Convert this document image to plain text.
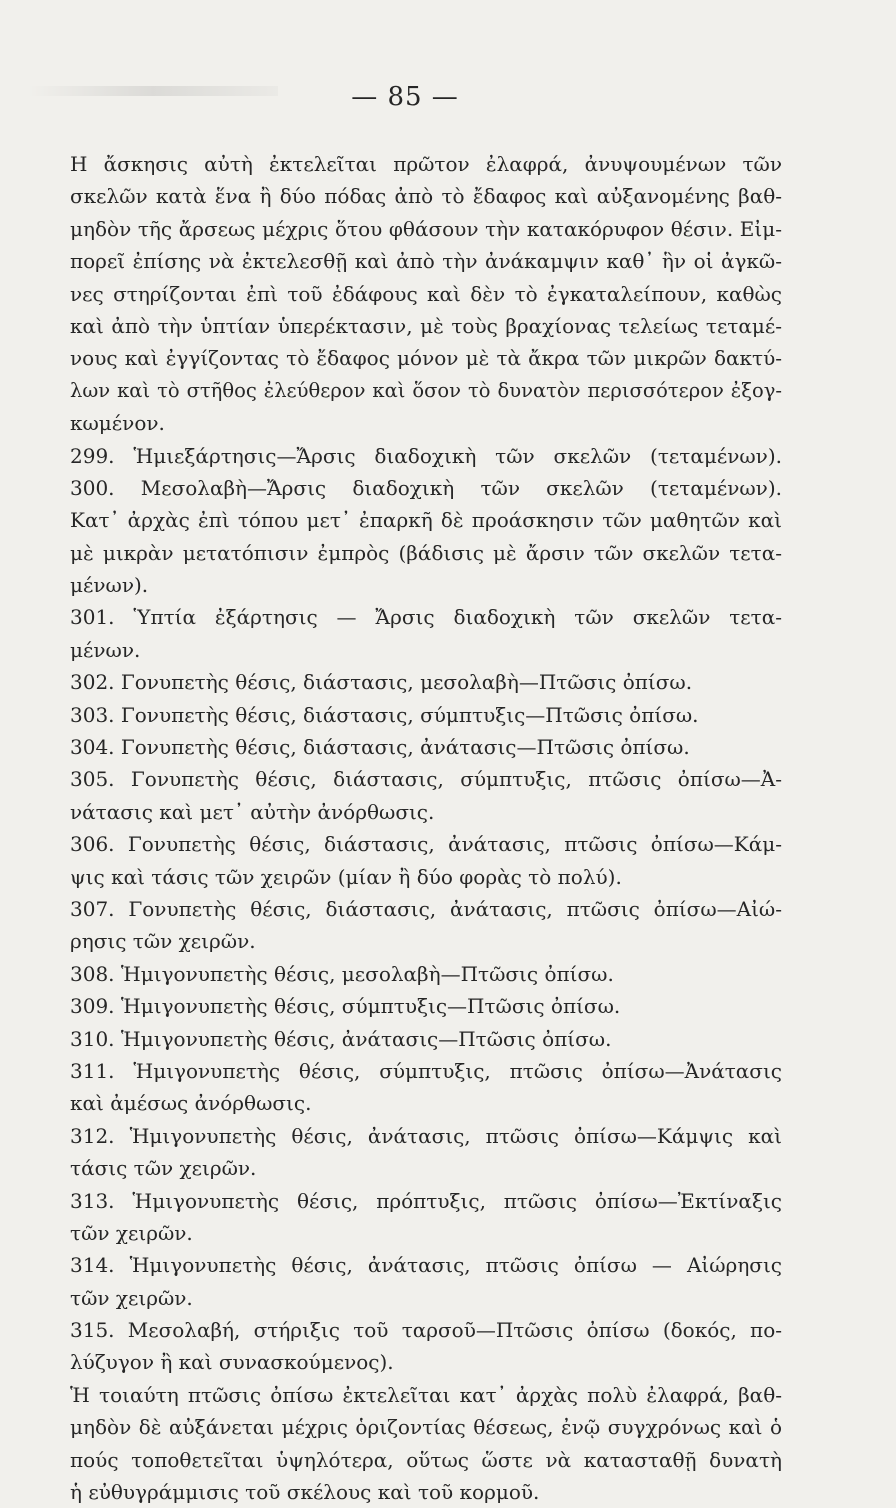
— 85 —
Η ἄσκησις αὐτὴ ἐκτελεῖται πρῶτον ἐλαφρά, ἀνυψουμένων τῶν
σκελῶν κατὰ ἕνα ἢ δύο πόδας ἀπὸ τὸ ἔδαφος καὶ αὐξανομένης βαθ-
μηδὸν τῆς ἄρσεως μέχρις ὅτου φθάσουν τὴν κατακόρυφον θέσιν. Εἰμ-
πορεῖ ἐπίσης νὰ ἐκτελεσθῇ καὶ ἀπὸ τὴν ἀνάκαμψιν καθ᾽ ἣν οἱ ἀγκῶ-
νες στηρίζονται ἐπὶ τοῦ ἐδάφους καὶ δὲν τὸ ἐγκαταλείπουν, καθὼς
καὶ ἀπὸ τὴν ὑπτίαν ὑπερέκτασιν, μὲ τοὺς βραχίονας τελείως τεταμέ-
νους καὶ ἐγγίζοντας τὸ ἔδαφος μόνον μὲ τὰ ἄκρα τῶν μικρῶν δακτύ-
λων καὶ τὸ στῆθος ἐλεύθερον καὶ ὅσον τὸ δυνατὸν περισσότερον ἐξογ-
κωμένον.
299. Ἡμιεξάρτησις—Ἄρσις διαδοχικὴ τῶν σκελῶν (τεταμένων).
300. Μεσολαβὴ—Ἄρσις διαδοχικὴ τῶν σκελῶν (τεταμένων).
Κατ᾽ ἀρχὰς ἐπὶ τόπου μετ᾽ ἐπαρκῆ δὲ προάσκησιν τῶν μαθητῶν καὶ
μὲ μικρὰν μετατόπισιν ἐμπρὸς (βάδισις μὲ ἄρσιν τῶν σκελῶν τετα-
μένων).
301. Ὑπτία ἐξάρτησις — Ἄρσις διαδοχικὴ τῶν σκελῶν τετα-
μένων.
302. Γονυπετὴς θέσις, διάστασις, μεσολαβὴ—Πτῶσις ὀπίσω.
303. Γονυπετὴς θέσις, διάστασις, σύμπτυξις—Πτῶσις ὀπίσω.
304. Γονυπετὴς θέσις, διάστασις, ἀνάτασις—Πτῶσις ὀπίσω.
305. Γονυπετὴς θέσις, διάστασις, σύμπτυξις, πτῶσις ὀπίσω—Ἀ-
νάτασις καὶ μετ᾽ αὐτὴν ἀνόρθωσις.
306. Γονυπετὴς θέσις, διάστασις, ἀνάτασις, πτῶσις ὀπίσω—Κάμ-
ψις καὶ τάσις τῶν χειρῶν (μίαν ἢ δύο φορὰς τὸ πολύ).
307. Γονυπετὴς θέσις, διάστασις, ἀνάτασις, πτῶσις ὀπίσω—Αἰώ-
ρησις τῶν χειρῶν.
308. Ἡμιγονυπετὴς θέσις, μεσολαβὴ—Πτῶσις ὀπίσω.
309. Ἡμιγονυπετὴς θέσις, σύμπτυξις—Πτῶσις ὀπίσω.
310. Ἡμιγονυπετὴς θέσις, ἀνάτασις—Πτῶσις ὀπίσω.
311. Ἡμιγονυπετὴς θέσις, σύμπτυξις, πτῶσις ὀπίσω—Ἀνάτασις
καὶ ἀμέσως ἀνόρθωσις.
312. Ἡμιγονυπετὴς θέσις, ἀνάτασις, πτῶσις ὀπίσω—Κάμψις καὶ
τάσις τῶν χειρῶν.
313. Ἡμιγονυπετὴς θέσις, πρόπτυξις, πτῶσις ὀπίσω—Ἐκτίναξις
τῶν χειρῶν.
314. Ἡμιγονυπετὴς θέσις, ἀνάτασις, πτῶσις ὀπίσω — Αἰώρησις
τῶν χειρῶν.
315. Μεσολαβή, στήριξις τοῦ ταρσοῦ—Πτῶσις ὀπίσω (δοκός, πο-
λύζυγον ἢ καὶ συνασκούμενος).
Ἡ τοιαύτη πτῶσις ὀπίσω ἐκτελεῖται κατ᾽ ἀρχὰς πολὺ ἐλαφρά, βαθ-
μηδὸν δὲ αὐξάνεται μέχρις ὁριζοντίας θέσεως, ἐνῷ συγχρόνως καὶ ὁ
πούς τοποθετεῖται ὑψηλότερα, οὕτως ὥστε νὰ κατασταθῇ δυνατὴ
ἡ εὐθυγράμμισις τοῦ σκέλους καὶ τοῦ κορμοῦ.
